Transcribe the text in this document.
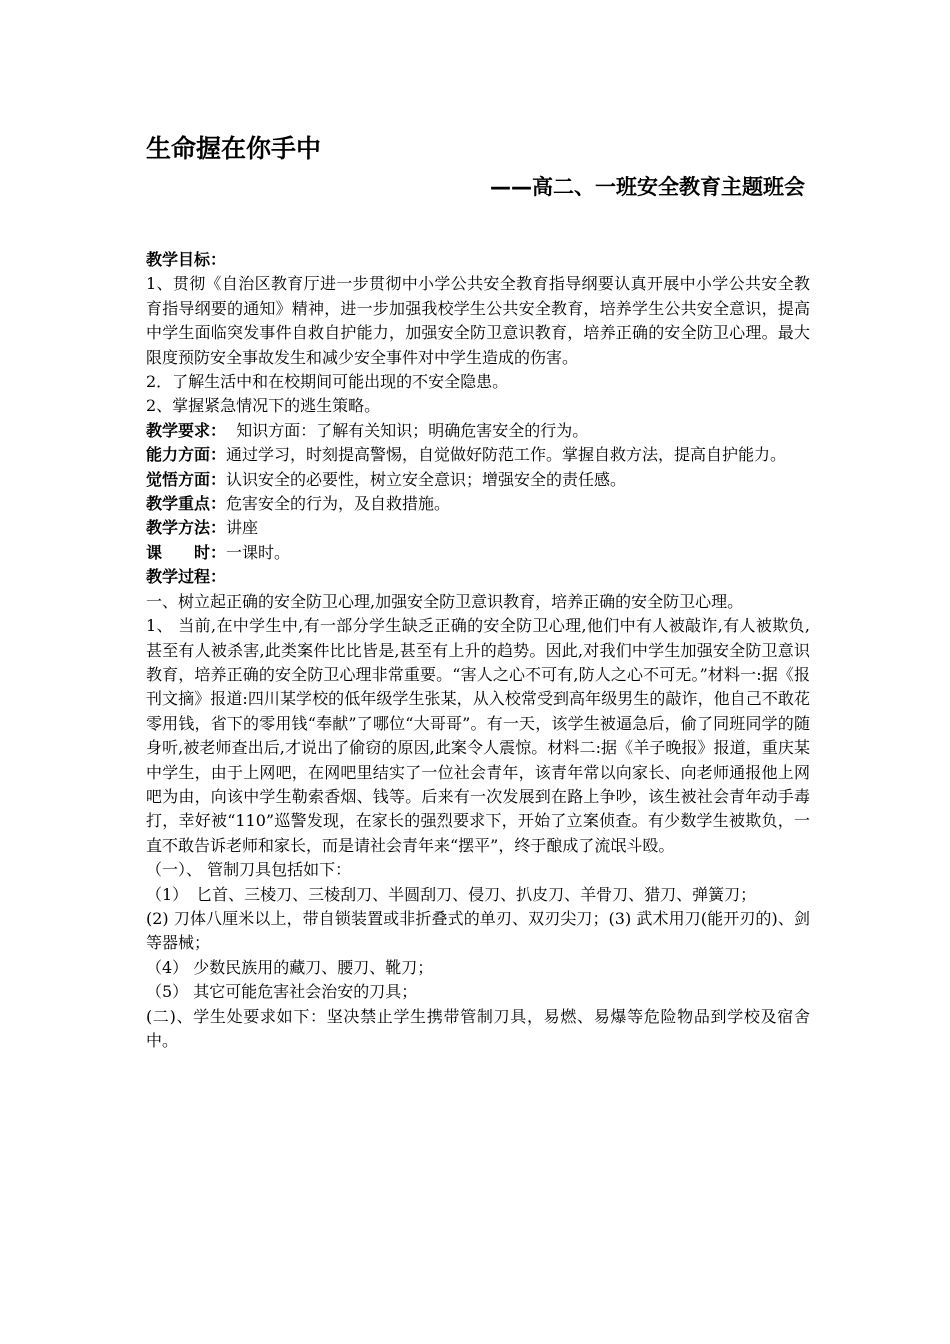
生命握在你手中
——高二、一班安全教育主题班会

教学目标：

1、贯彻《自治区教育厅进一步贯彻中小学公共安全教育指导纲要认真开展中小学公共安全教育指导纲要的通知》精神，进一步加强我校学生公共安全教育，培养学生公共安全意识，提高中学生面临突发事件自救自护能力，加强安全防卫意识教育，培养正确的安全防卫心理。最大限度预防安全事故发生和减少安全事件对中学生造成的伤害。

2．了解生活中和在校期间可能出现的不安全隐患。

2、掌握紧急情况下的逃生策略。

教学要求：  知识方面：了解有关知识；明确危害安全的行为。

能力方面：通过学习，时刻提高警惕，自觉做好防范工作。掌握自救方法，提高自护能力。

觉悟方面：认识安全的必要性，树立安全意识；增强安全的责任感。

教学重点：危害安全的行为，及自救措施。

教学方法：讲座

课　　时：一课时。

教学过程：

一、树立起正确的安全防卫心理,加强安全防卫意识教育，培养正确的安全防卫心理。

1、 当前,在中学生中,有一部分学生缺乏正确的安全防卫心理,他们中有人被敲诈,有人被欺负,甚至有人被杀害,此类案件比比皆是,甚至有上升的趋势。因此,对我们中学生加强安全防卫意识教育，培养正确的安全防卫心理非常重要。“害人之心不可有,防人之心不可无。”材料一:据《报刊文摘》报道:四川某学校的低年级学生张某，从入校常受到高年级男生的敲诈，他自己不敢花零用钱，省下的零用钱“奉献”了哪位“大哥哥”。有一天，该学生被逼急后，偷了同班同学的随身听,被老师查出后,才说出了偷窃的原因,此案令人震惊。材料二:据《羊子晚报》报道，重庆某中学生，由于上网吧，在网吧里结实了一位社会青年，该青年常以向家长、向老师通报他上网吧为由，向该中学生勒索香烟、钱等。后来有一次发展到在路上争吵，该生被社会青年动手毒打，幸好被“110”巡警发现，在家长的强烈要求下，开始了立案侦查。有少数学生被欺负，一直不敢告诉老师和家长，而是请社会青年来“摆平”，终于酿成了流氓斗殴。

（一）、 管制刀具包括如下：

（1）　匕首、三棱刀、三棱刮刀、半圆刮刀、侵刀、扒皮刀、羊骨刀、猎刀、弹簧刀；

(2) 刀体八厘米以上，带自锁装置或非折叠式的单刃、双刃尖刀；(3) 武术用刀(能开刃的)、剑等器械；

（4） 少数民族用的藏刀、腰刀、靴刀；

（5） 其它可能危害社会治安的刀具；

(二)、学生处要求如下：坚决禁止学生携带管制刀具，易燃、易爆等危险物品到学校及宿舍中。
